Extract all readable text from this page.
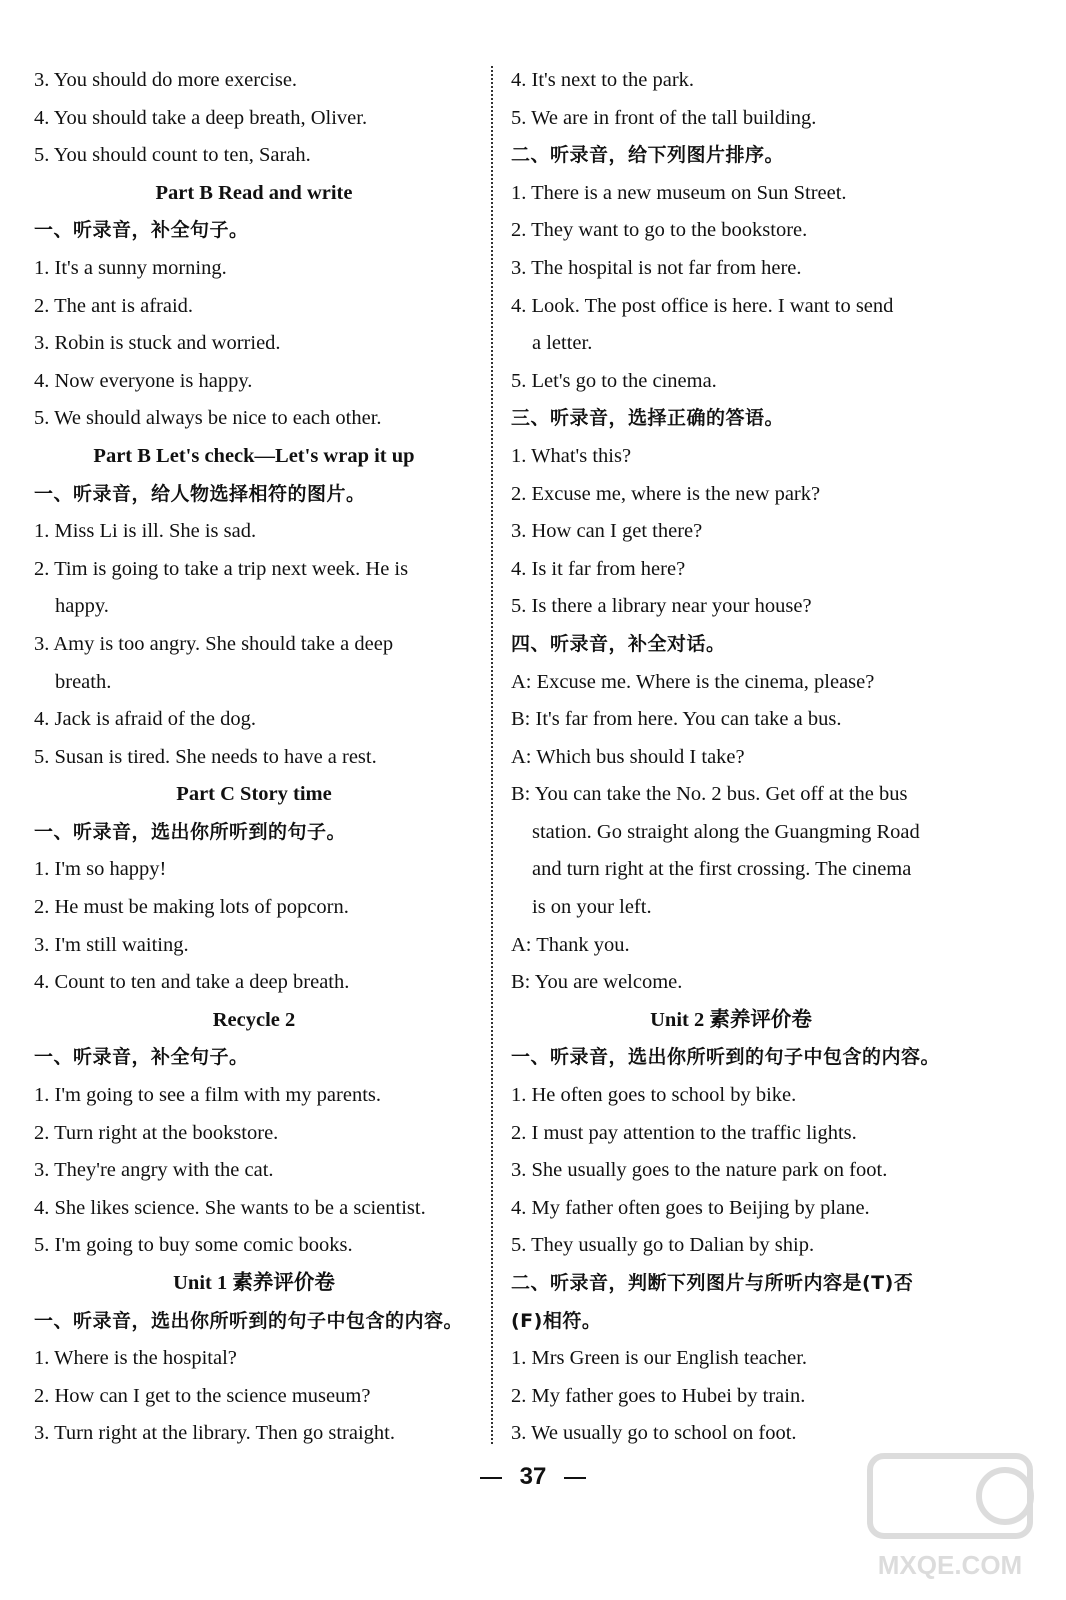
3. You should do more exercise.
4. You should take a deep breath, Oliver.
5. You should count to ten, Sarah.
Part B Read and write
一、听录音，补全句子。
1. It's a sunny morning.
2. The ant is afraid.
3. Robin is stuck and worried.
4. Now everyone is happy.
5. We should always be nice to each other.
Part B Let's check—Let's wrap it up
一、听录音，给人物选择相符的图片。
1. Miss Li is ill. She is sad.
2. Tim is going to take a trip next week. He is
happy.
3. Amy is too angry. She should take a deep
breath.
4. Jack is afraid of the dog.
5. Susan is tired. She needs to have a rest.
Part C Story time
一、听录音，选出你所听到的句子。
1. I'm so happy!
2. He must be making lots of popcorn.
3. I'm still waiting.
4. Count to ten and take a deep breath.
Recycle 2
一、听录音，补全句子。
1. I'm going to see a film with my parents.
2. Turn right at the bookstore.
3. They're angry with the cat.
4. She likes science. She wants to be a scientist.
5. I'm going to buy some comic books.
Unit 1 素养评价卷
一、听录音，选出你所听到的句子中包含的内容。
1. Where is the hospital?
2. How can I get to the science museum?
3. Turn right at the library. Then go straight.
4. It's next to the park.
5. We are in front of the tall building.
二、听录音，给下列图片排序。
1. There is a new museum on Sun Street.
2. They want to go to the bookstore.
3. The hospital is not far from here.
4. Look. The post office is here. I want to send
a letter.
5. Let's go to the cinema.
三、听录音，选择正确的答语。
1. What's this?
2. Excuse me, where is the new park?
3. How can I get there?
4. Is it far from here?
5. Is there a library near your house?
四、听录音，补全对话。
A: Excuse me. Where is the cinema, please?
B: It's far from here. You can take a bus.
A: Which bus should I take?
B: You can take the No. 2 bus. Get off at the bus
station. Go straight along the Guangming Road
and turn right at the first crossing. The cinema
is on your left.
A: Thank you.
B: You are welcome.
Unit 2 素养评价卷
一、听录音，选出你所听到的句子中包含的内容。
1. He often goes to school by bike.
2. I must pay attention to the traffic lights.
3. She usually goes to the nature park on foot.
4. My father often goes to Beijing by plane.
5. They usually go to Dalian by ship.
二、听录音，判断下列图片与所听内容是(T)否
(F)相符。
1. Mrs Green is our English teacher.
2. My father goes to Hubei by train.
3. We usually go to school on foot.
37
MXQE.COM
